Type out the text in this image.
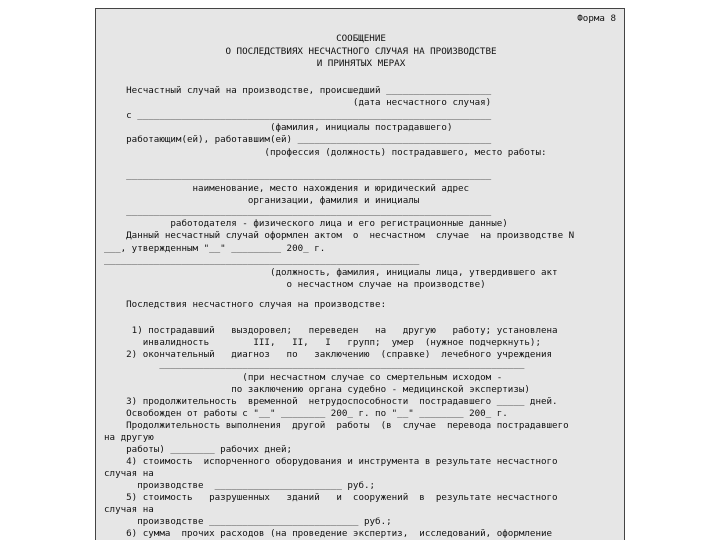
Форма 8
СООБЩЕНИЕ
О ПОСЛЕДСТВИЯХ НЕСЧАСТНОГО СЛУЧАЯ НА ПРОИЗВОДСТВЕ
И ПРИНЯТЫХ МЕРАХ
Несчастный случай на производстве, происшедший ___________________
(дата несчастного случая)
с ________________________________________________________________
(фамилия, инициалы пострадавшего)
работающим(ей), работавшим(ей) ___________________________________
(профессия (должность) пострадавшего, место работы:
__________________________________________________________________
наименование, место нахождения и юридический адрес
организации, фамилия и инициалы
__________________________________________________________________
работодателя - физического лица и его регистрационные данные)
Данный несчастный случай оформлен актом  о  несчастном  случае  на производстве N
___, утвержденным "__" _________ 200_ г.
_________________________________________________________
(должность, фамилия, инициалы лица, утвердившего акт
о несчастном случае на производстве)
Последствия несчастного случая на производстве:
1) пострадавший   выздоровел;   переведен   на   другую   работу; установлена
инвалидность        III,   II,   I   групп;  умер  (нужное подчеркнуть);
2) окончательный   диагноз   по   заключению  (справке)  лечебного учреждения
__________________________________________________________________
(при несчастном случае со смертельным исходом -
по заключению органа судебно - медицинской экспертизы)
3) продолжительность  временной  нетрудоспособности  пострадавшего _____ дней.
Освобожден от работы с "__" ________ 200_ г. по "__" ________ 200_ г.
Продолжительность выполнения  другой  работы  (в  случае  перевода пострадавшего
на другую
работы) ________ рабочих дней;
4) стоимость  испорченного оборудования и инструмента в результате несчастного
случая на
производстве  _______________________ руб.;
5) стоимость   разрушенных   зданий   и  сооружений  в  результате несчастного
случая на
производстве ___________________________ руб.;
6) сумма  прочих расходов (на проведение экспертиз,  исследований, оформление
